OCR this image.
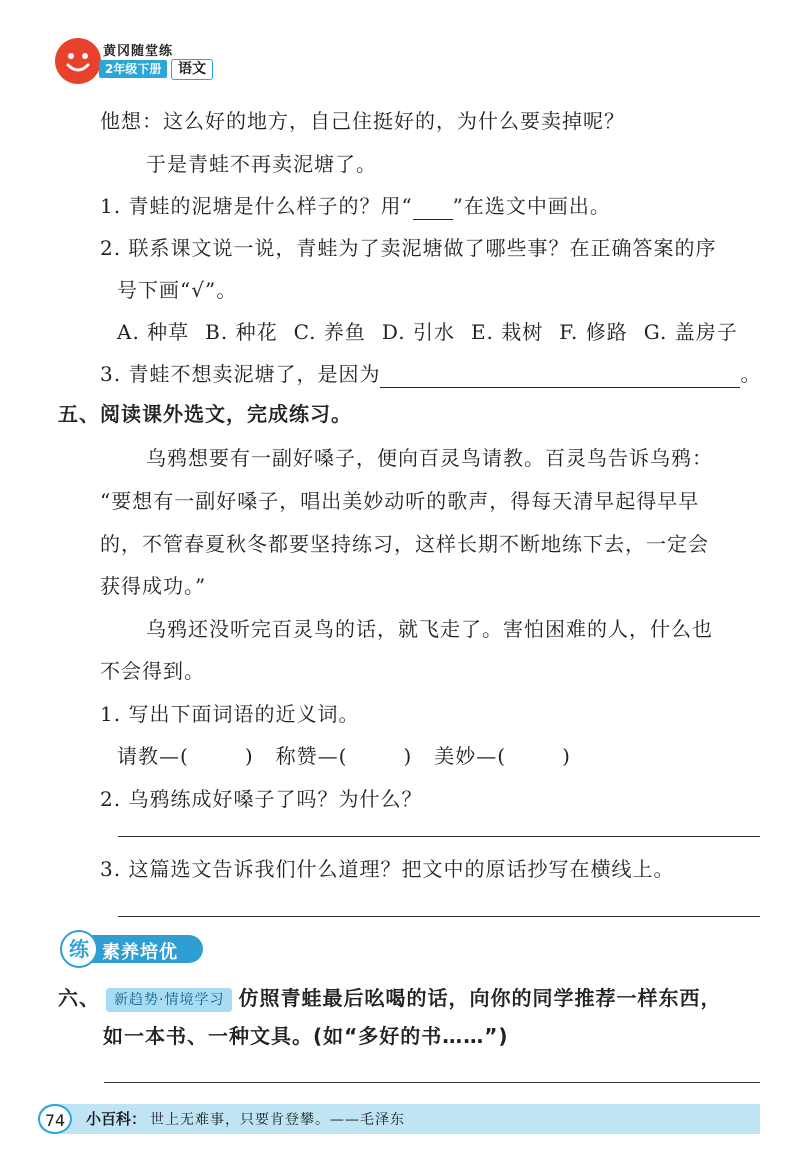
黄冈随堂练
2年级下册	语文
他想：这么好的地方，自己住挺好的，为什么要卖掉呢？
于是青蛙不再卖泥塘了。
1. 青蛙的泥塘是什么样子的？用“ ”在选文中画出。
2. 联系课文说一说，青蛙为了卖泥塘做了哪些事？在正确答案的序
号下画“√”。
A. 种草 B. 种花 C. 养鱼 D. 引水 E. 栽树 F. 修路 G. 盖房子
3. 青蛙不想卖泥塘了，是因为	。
五、阅读课外选文，完成练习。
乌鸦想要有一副好嗓子，便向百灵鸟请教。百灵鸟告诉乌鸦：
“要想有一副好嗓子，唱出美妙动听的歌声，得每天清早起得早早
的，不管春夏秋冬都要坚持练习，这样长期不断地练下去，一定会
获得成功。”
乌鸦还没听完百灵鸟的话，就飞走了。害怕困难的人，什么也
不会得到。
1. 写出下面词语的近义词。
请教—(	) 称赞—(	) 美妙—(	)
2. 乌鸦练成好嗓子了吗？为什么？
3. 这篇选文告诉我们什么道理？把文中的原话抄写在横线上。
练 素养培优
六、 新趋势·情境学习 仿照青蛙最后吆喝的话，向你的同学推荐一样东西，
如一本书、一种文具。(如“多好的书……”)
74	小百科： 世上无难事，只要肯登攀。——毛泽东
